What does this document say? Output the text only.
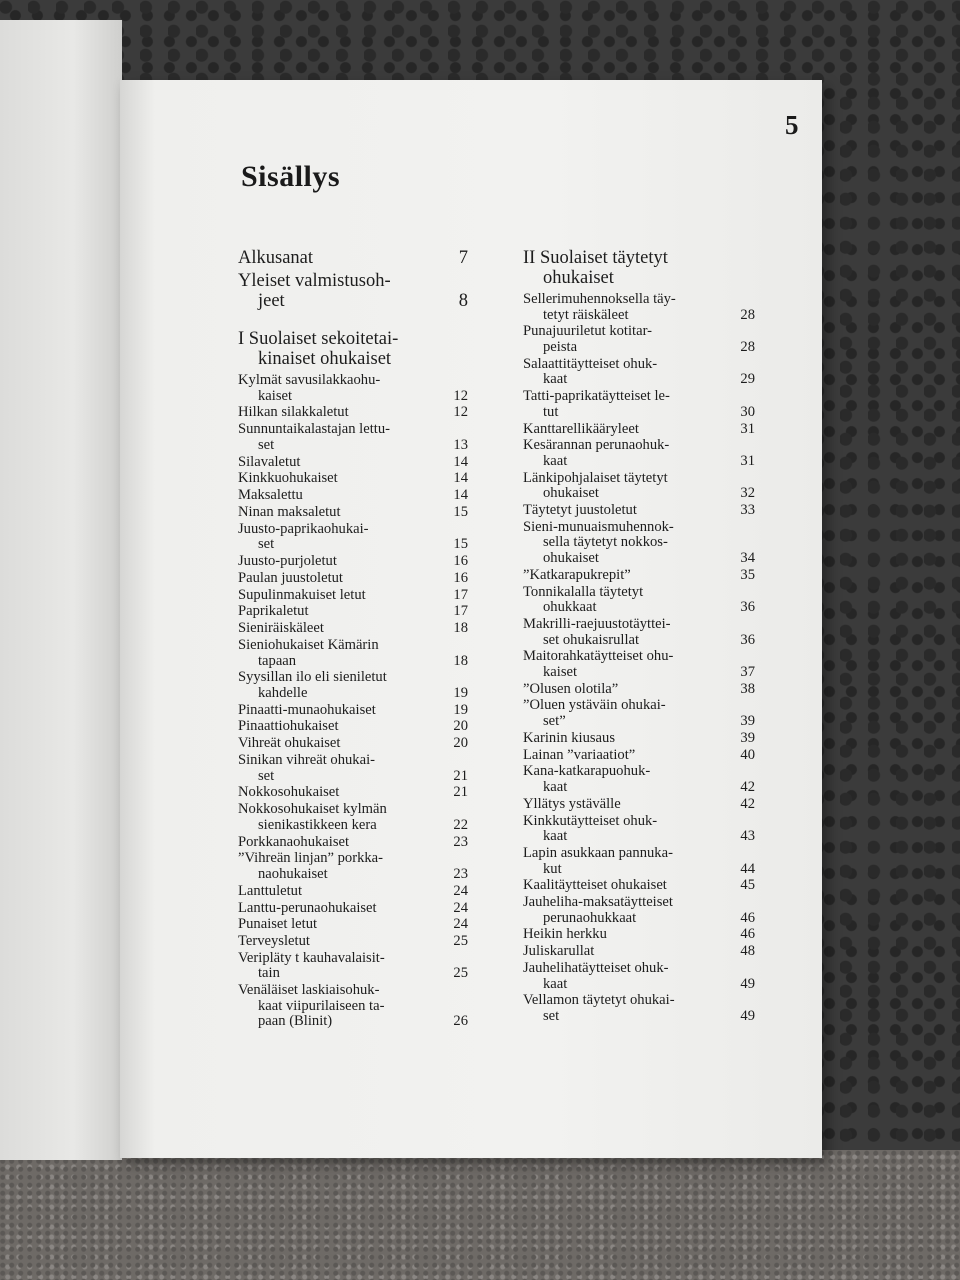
5
Sisällys
Alkusanat	7
Yleiset valmistusoh-
jeet	8
I Suolaiset sekoitetai-
kinaiset ohukaiset
Kylmät savusilakkaohu-
kaiset	12
Hilkan silakkaletut	12
Sunnuntaikalastajan lettu-
set	13
Silavaletut	14
Kinkkuohukaiset	14
Maksalettu	14
Ninan maksaletut	15
Juusto-paprikaohukai-
set	15
Juusto-purjoletut	16
Paulan juustoletut	16
Supulinmakuiset letut	17
Paprikaletut	17
Sieniräiskäleet	18
Sieniohukaiset Kämärin
tapaan	18
Syysillan ilo eli sieniletut
kahdelle	19
Pinaatti-munaohukaiset	19
Pinaattiohukaiset	20
Vihreät ohukaiset	20
Sinikan vihreät ohukai-
set	21
Nokkosohukaiset	21
Nokkosohukaiset kylmän
sienikastikkeen kera	22
Porkkanaohukaiset	23
”Vihreän linjan” porkka-
naohukaiset	23
Lanttuletut	24
Lanttu-perunaohukaiset	24
Punaiset letut	24
Terveysletut	25
Veripläty t kauhavalaisit-
tain	25
Venäläiset laskiaisohuk-
kaat viipurilaiseen ta-
paan (Blinit)	26
II Suolaiset täytetyt
ohukaiset
Sellerimuhennoksella täy-
tetyt räiskäleet	28
Punajuuriletut kotitar-
peista	28
Salaattitäytteiset ohuk-
kaat	29
Tatti-paprikatäytteiset le-
tut	30
Kanttarellikääryleet	31
Kesärannan perunaohuk-
kaat	31
Länkipohjalaiset täytetyt
ohukaiset	32
Täytetyt juustoletut	33
Sieni-munuaismuhennok-
sella täytetyt nokkos-
ohukaiset	34
”Katkarapukrepit”	35
Tonnikalalla täytetyt
ohukkaat	36
Makrilli-raejuustotäyttei-
set ohukaisrullat	36
Maitorahkatäytteiset ohu-
kaiset	37
”Olusen olotila”	38
”Oluen ystäväin ohukai-
set”	39
Karinin kiusaus	39
Lainan ”variaatiot”	40
Kana-katkarapuohuk-
kaat	42
Yllätys ystävälle	42
Kinkkutäytteiset ohuk-
kaat	43
Lapin asukkaan pannuka-
kut	44
Kaalitäytteiset ohukaiset	45
Jauheliha-maksatäytteiset
perunaohukkaat	46
Heikin herkku	46
Juliskarullat	48
Jauhelihatäytteiset ohuk-
kaat	49
Vellamon täytetyt ohukai-
set	49
